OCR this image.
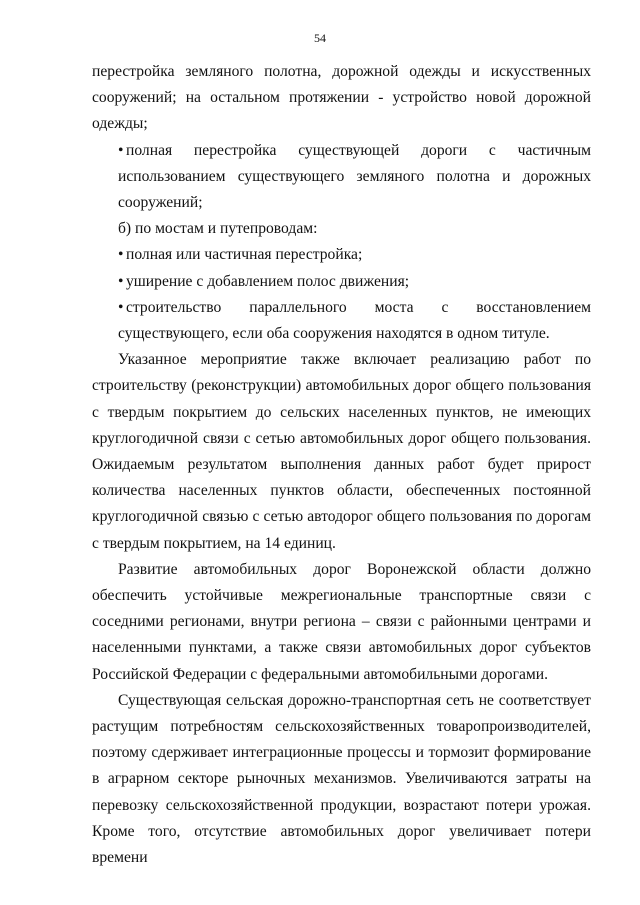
54

перестройка земляного полотна, дорожной одежды и искусственных сооружений; на остальном протяжении - устройство новой дорожной одежды;

• полная перестройка существующей дороги с частичным использованием существующего земляного полотна и дорожных сооружений;

б) по мостам и путепроводам:

• полная или частичная перестройка;

• уширение с добавлением полос движения;

• строительство параллельного моста с восстановлением существующего, если оба сооружения находятся в одном титуле.

Указанное мероприятие также включает реализацию работ по строительству (реконструкции) автомобильных дорог общего пользования с твердым покрытием до сельских населенных пунктов, не имеющих круглогодичной связи с сетью автомобильных дорог общего пользования. Ожидаемым результатом выполнения данных работ будет прирост количества населенных пунктов области, обеспеченных постоянной круглогодичной связью с сетью автодорог общего пользования по дорогам с твердым покрытием, на 14 единиц.

Развитие автомобильных дорог Воронежской области должно обеспечить устойчивые межрегиональные транспортные связи с соседними регионами, внутри региона – связи с районными центрами и населенными пунктами, а также связи автомобильных дорог субъектов Российской Федерации с федеральными автомобильными дорогами.

Существующая сельская дорожно-транспортная сеть не соответствует растущим потребностям сельскохозяйственных товаропроизводителей, поэтому сдерживает интеграционные процессы и тормозит формирование в аграрном секторе рыночных механизмов. Увеличиваются затраты на перевозку сельскохозяйственной продукции, возрастают потери урожая. Кроме того, отсутствие автомобильных дорог увеличивает потери времени
